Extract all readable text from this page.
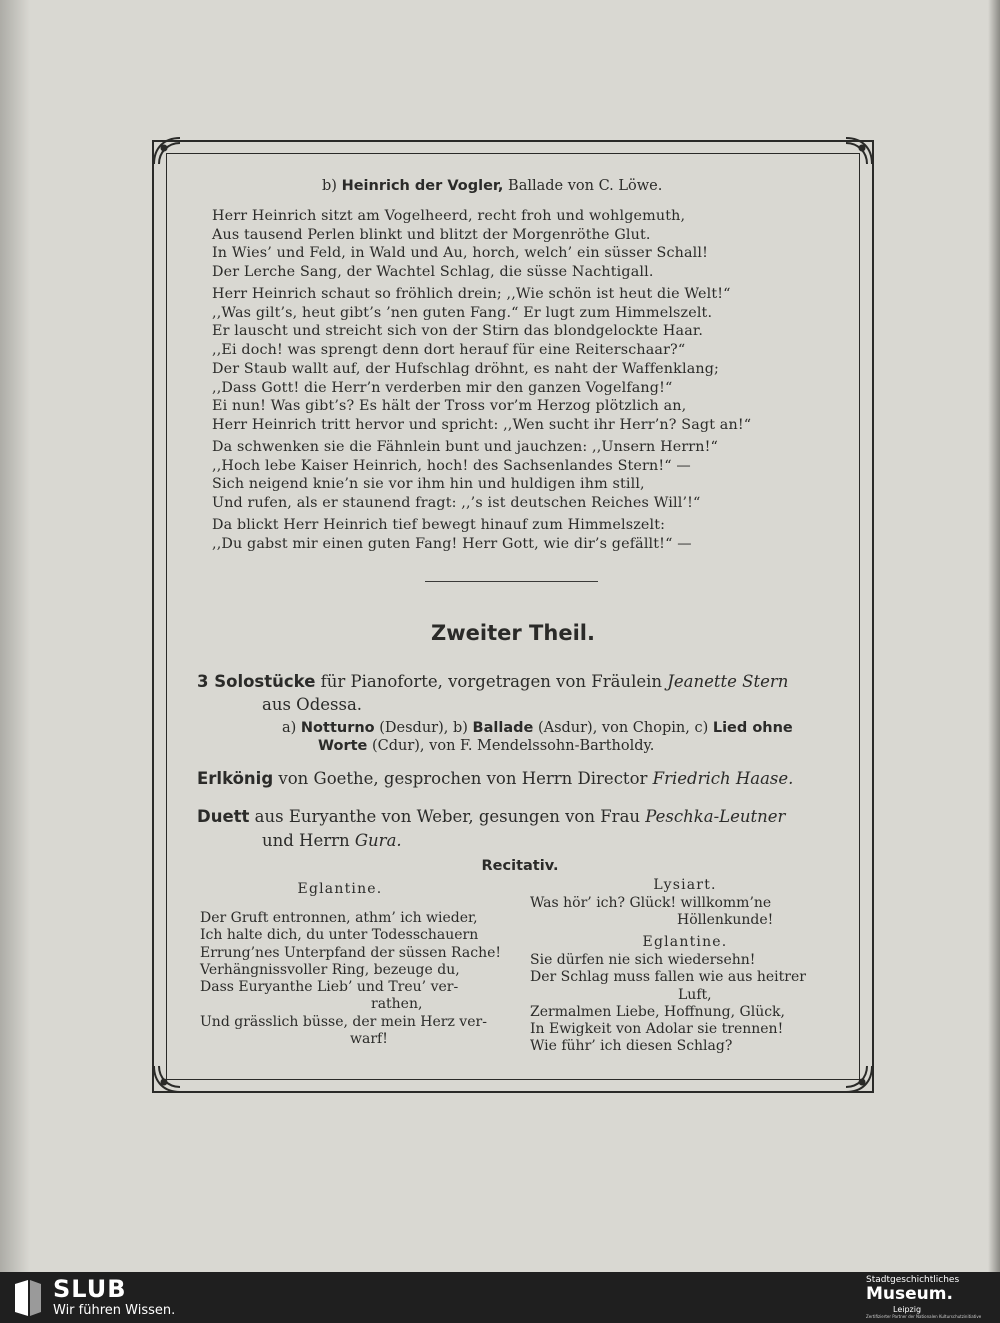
b) Heinrich der Vogler, Ballade von C. Löwe.
Herr Heinrich sitzt am Vogelheerd, recht froh und wohlgemuth,
Aus tausend Perlen blinkt und blitzt der Morgenröthe Glut.
In Wies’ und Feld, in Wald und Au, horch, welch’ ein süsser Schall!
Der Lerche Sang, der Wachtel Schlag, die süsse Nachtigall.
Herr Heinrich schaut so fröhlich drein; ,,Wie schön ist heut die Welt!“
,,Was gilt’s, heut gibt’s ’nen guten Fang.“ Er lugt zum Himmelszelt.
Er lauscht und streicht sich von der Stirn das blondgelockte Haar.
,,Ei doch! was sprengt denn dort herauf für eine Reiterschaar?“
Der Staub wallt auf, der Hufschlag dröhnt, es naht der Waffenklang;
,,Dass Gott! die Herr’n verderben mir den ganzen Vogelfang!“
Ei nun! Was gibt’s? Es hält der Tross vor’m Herzog plötzlich an,
Herr Heinrich tritt hervor und spricht: ,,Wen sucht ihr Herr’n? Sagt an!“
Da schwenken sie die Fähnlein bunt und jauchzen: ,,Unsern Herrn!“
,,Hoch lebe Kaiser Heinrich, hoch! des Sachsenlandes Stern!“ —
Sich neigend knie’n sie vor ihm hin und huldigen ihm still,
Und rufen, als er staunend fragt: ,,’s ist deutschen Reiches Will’!“
Da blickt Herr Heinrich tief bewegt hinauf zum Himmelszelt:
,,Du gabst mir einen guten Fang! Herr Gott, wie dir’s gefällt!“ —
Zweiter Theil.
3 Solostücke für Pianoforte, vorgetragen von Fräulein Jeanette Stern
aus Odessa.
a) Notturno (Desdur), b) Ballade (Asdur), von Chopin, c) Lied ohne
Worte (Cdur), von F. Mendelssohn-Bartholdy.
Erlkönig von Goethe, gesprochen von Herrn Director Friedrich Haase.
Duett aus Euryanthe von Weber, gesungen von Frau Peschka-Leutner
und Herrn Gura.
Recitativ.
Eglantine.
Der Gruft entronnen, athm’ ich wieder,
Ich halte dich, du unter Todesschauern
Errung’nes Unterpfand der süssen Rache!
Verhängnissvoller Ring, bezeuge du,
Dass Euryanthe Lieb’ und Treu’ ver-
rathen,
Und grässlich büsse, der mein Herz ver-
warf!
Lysiart.
Was hör’ ich? Glück! willkomm’ne
Höllenkunde!
Eglantine.
Sie dürfen nie sich wiedersehn!
Der Schlag muss fallen wie aus heitrer
Luft,
Zermalmen Liebe, Hoffnung, Glück,
In Ewigkeit von Adolar sie trennen!
Wie führ’ ich diesen Schlag?
SLUB
Wir führen Wissen.
Stadtgeschichtliches
Museum.
Leipzig
Zertifizierter Partner der Nationalen Kulturschutzinitiative
